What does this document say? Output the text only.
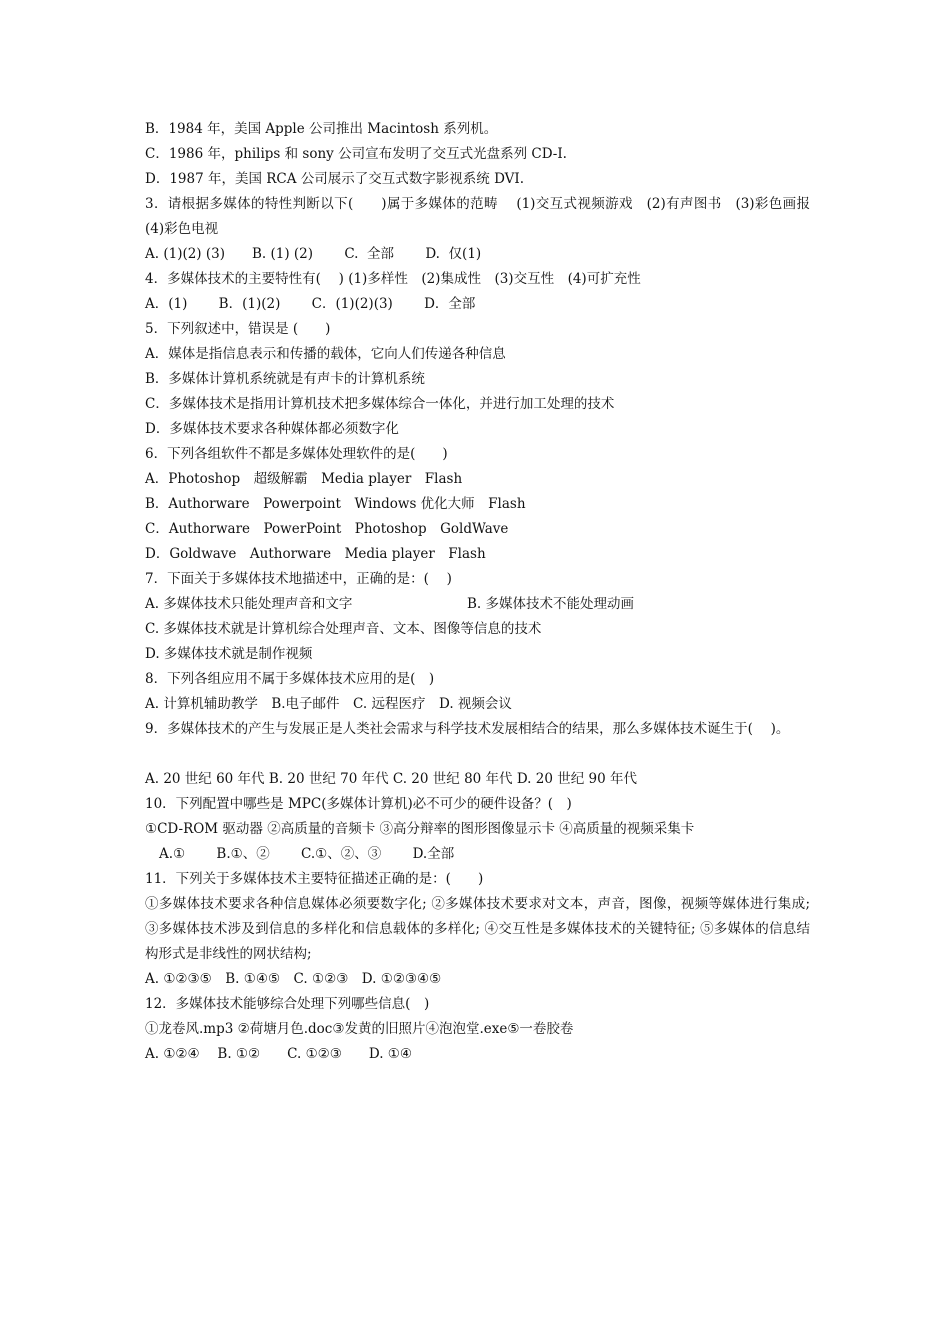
B．1984 年，美国 Apple 公司推出 Macintosh 系列机。
C．1986 年，philips 和 sony 公司宣布发明了交互式光盘系列 CD-I.
D．1987 年，美国 RCA 公司展示了交互式数字影视系统 DVI.
3．请根据多媒体的特性判断以下(　　)属于多媒体的范畴　 (1)交互式视频游戏　(2)有声图书　(3)彩色画报　(4)彩色电视
A. (1)(2) (3)　　B. (1) (2)　　 C.  全部　　 D.  仅(1)
4．多媒体技术的主要特性有(　 ) (1)多样性　(2)集成性　(3)交互性　(4)可扩充性
A．(1)　　 B．(1)(2)　　 C．(1)(2)(3)　　 D．全部
5．下列叙述中，错误是 (　　)
A．媒体是指信息表示和传播的载体，它向人们传递各种信息
B．多媒体计算机系统就是有声卡的计算机系统
C．多媒体技术是指用计算机技术把多媒体综合一体化，并进行加工处理的技术
D．多媒体技术要求各种媒体都必须数字化
6．下列各组软件不都是多媒体处理软件的是(　　)
A．Photoshop　超级解霸　Media player　Flash
B．Authorware　Powerpoint　Windows 优化大师　Flash
C．Authorware　PowerPoint　Photoshop　GoldWave
D．Goldwave　Authorware　Media player　Flash
7．下面关于多媒体技术地描述中，正确的是：(　 )
A. 多媒体技术只能处理声音和文字	B. 多媒体技术不能处理动画
C. 多媒体技术就是计算机综合处理声音、文本、图像等信息的技术
D. 多媒体技术就是制作视频
8．下列各组应用不属于多媒体技术应用的是(　)
A. 计算机辅助教学　B.电子邮件　C. 远程医疗　D. 视频会议
9．多媒体技术的产生与发展正是人类社会需求与科学技术发展相结合的结果，那么多媒体技术诞生于(　 )。
A. 20 世纪 60 年代 B. 20 世纪 70 年代 C. 20 世纪 80 年代 D. 20 世纪 90 年代
10．下列配置中哪些是 MPC(多媒体计算机)必不可少的硬件设备？(　)
①CD-ROM 驱动器 ②高质量的音频卡 ③高分辩率的图形图像显示卡 ④高质量的视频采集卡
A.①　　 B.①、②　　 C.①、②、③　　 D.全部
11．下列关于多媒体技术主要特征描述正确的是：(　　)
①多媒体技术要求各种信息媒体必须要数字化; ②多媒体技术要求对文本，声音，图像，视频等媒体进行集成; ③多媒体技术涉及到信息的多样化和信息载体的多样化; ④交互性是多媒体技术的关键特征; ⑤多媒体的信息结构形式是非线性的网状结构;
A. ①②③⑤　B. ①④⑤　C. ①②③　D. ①②③④⑤
12．多媒体技术能够综合处理下列哪些信息(　)
①龙卷风.mp3 ②荷塘月色.doc③发黄的旧照片④泡泡堂.exe⑤一卷胶卷
A. ①②④　 B. ①②　　C. ①②③　　D. ①④
